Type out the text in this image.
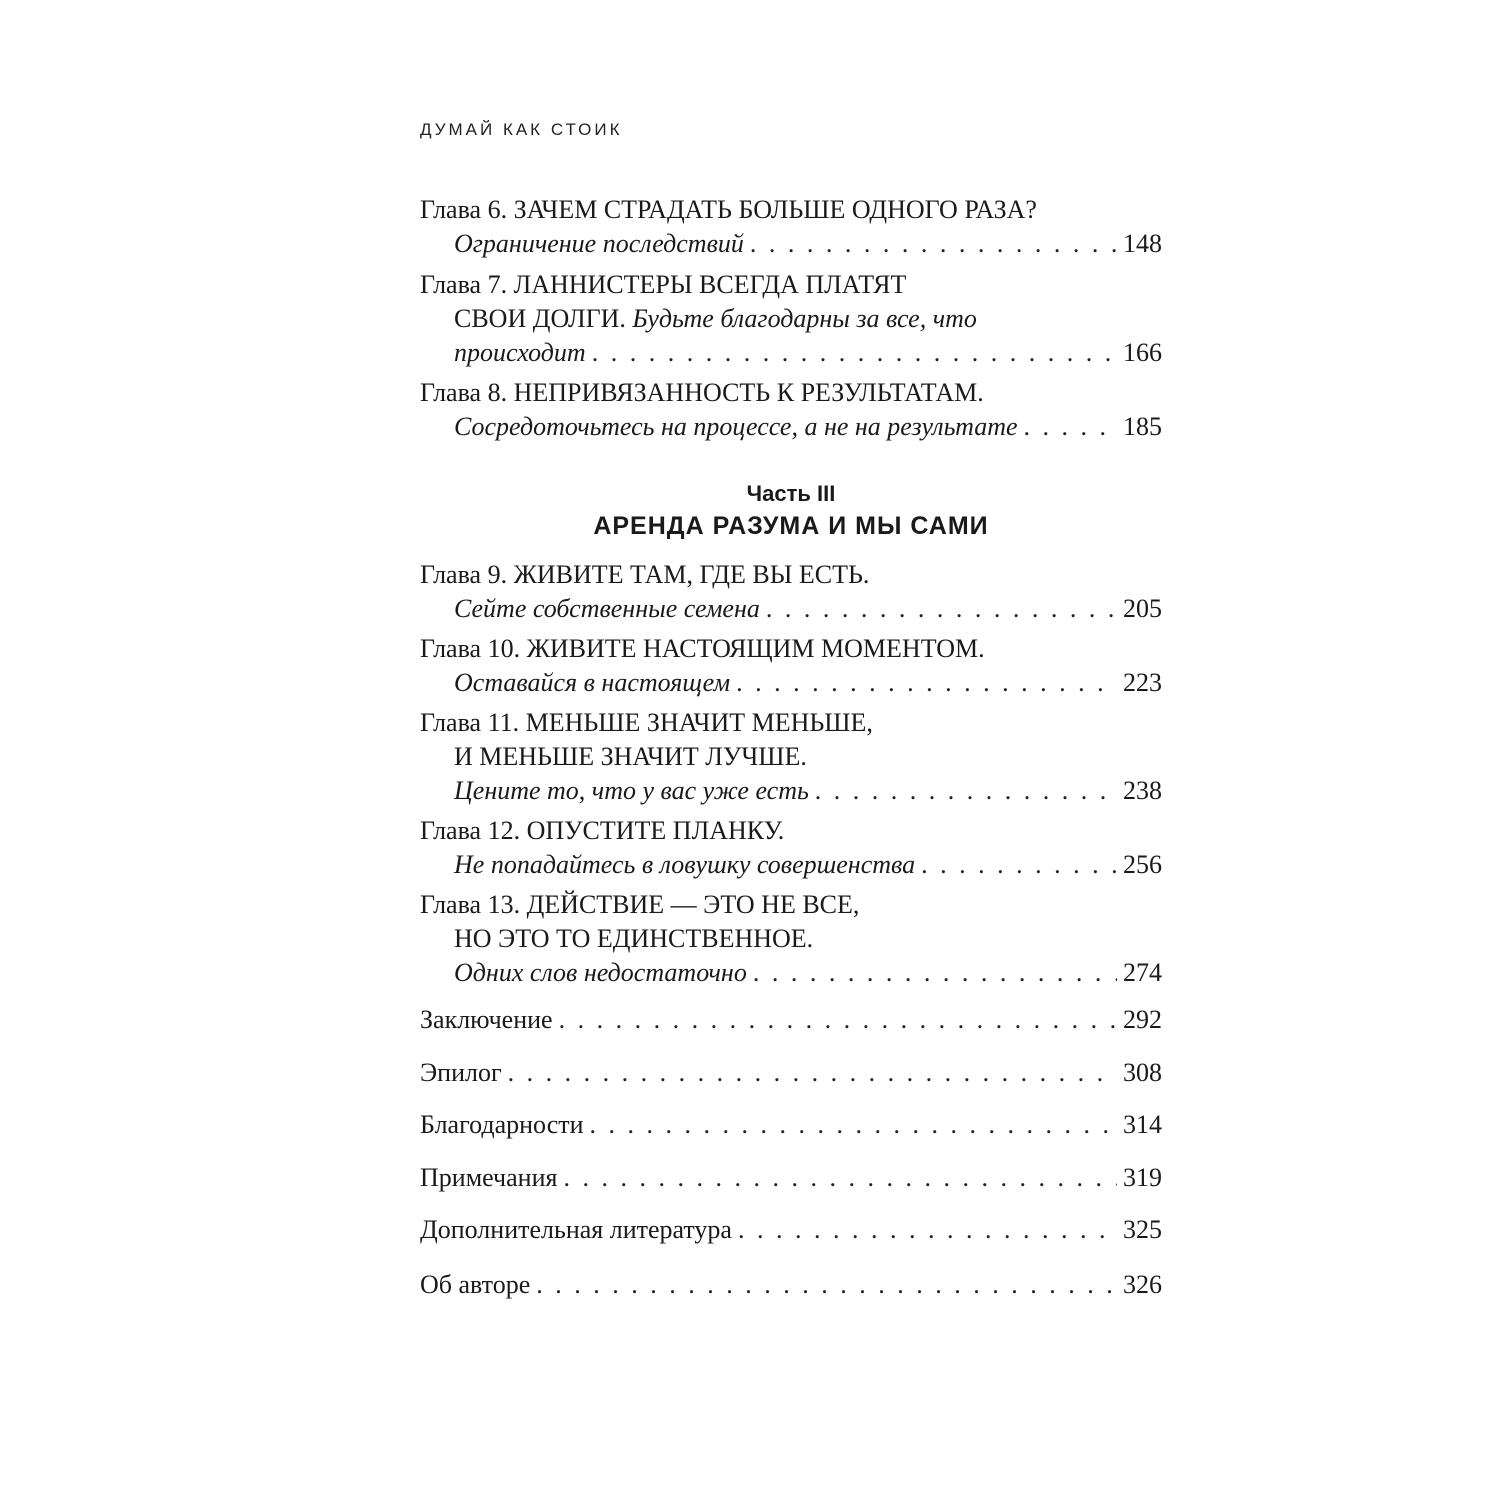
ДУМАЙ КАК СТОИК
Глава 6. ЗАЧЕМ СТРАДАТЬ БОЛЬШЕ ОДНОГО РАЗА?
Ограничение последствий . . .	148
Глава 7. ЛАННИСТЕРЫ ВСЕГДА ПЛАТЯТ
СВОИ ДОЛГИ.
Будьте благодарны за все, что
происходит . . .	166
Глава 8. НЕПРИВЯЗАННОСТЬ К РЕЗУЛЬТАТАМ.
Сосредоточьтесь на процессе, а не на результате . . .	185
Часть III
АРЕНДА РАЗУМА И МЫ САМИ
Глава 9. ЖИВИТЕ ТАМ, ГДЕ ВЫ ЕСТЬ.
Сейте собственные семена . . .	205
Глава 10. ЖИВИТЕ НАСТОЯЩИМ МОМЕНТОМ.
Оставайся в настоящем . . .	223
Глава 11. МЕНЬШЕ ЗНАЧИТ МЕНЬШЕ,
И МЕНЬШЕ ЗНАЧИТ ЛУЧШЕ.
Цените то, что у вас уже есть . . .	238
Глава 12. ОПУСТИТЕ ПЛАНКУ.
Не попадайтесь в ловушку совершенства . . .	256
Глава 13. ДЕЙСТВИЕ — ЭТО НЕ ВСЕ,
НО ЭТО ТО ЕДИНСТВЕННОЕ.
Одних слов недостаточно . . .	274
Заключение . . .	292
Эпилог . . .	308
Благодарности . . .	314
Примечания . . .	319
Дополнительная литература . . .	325
Об авторе . . .	326
